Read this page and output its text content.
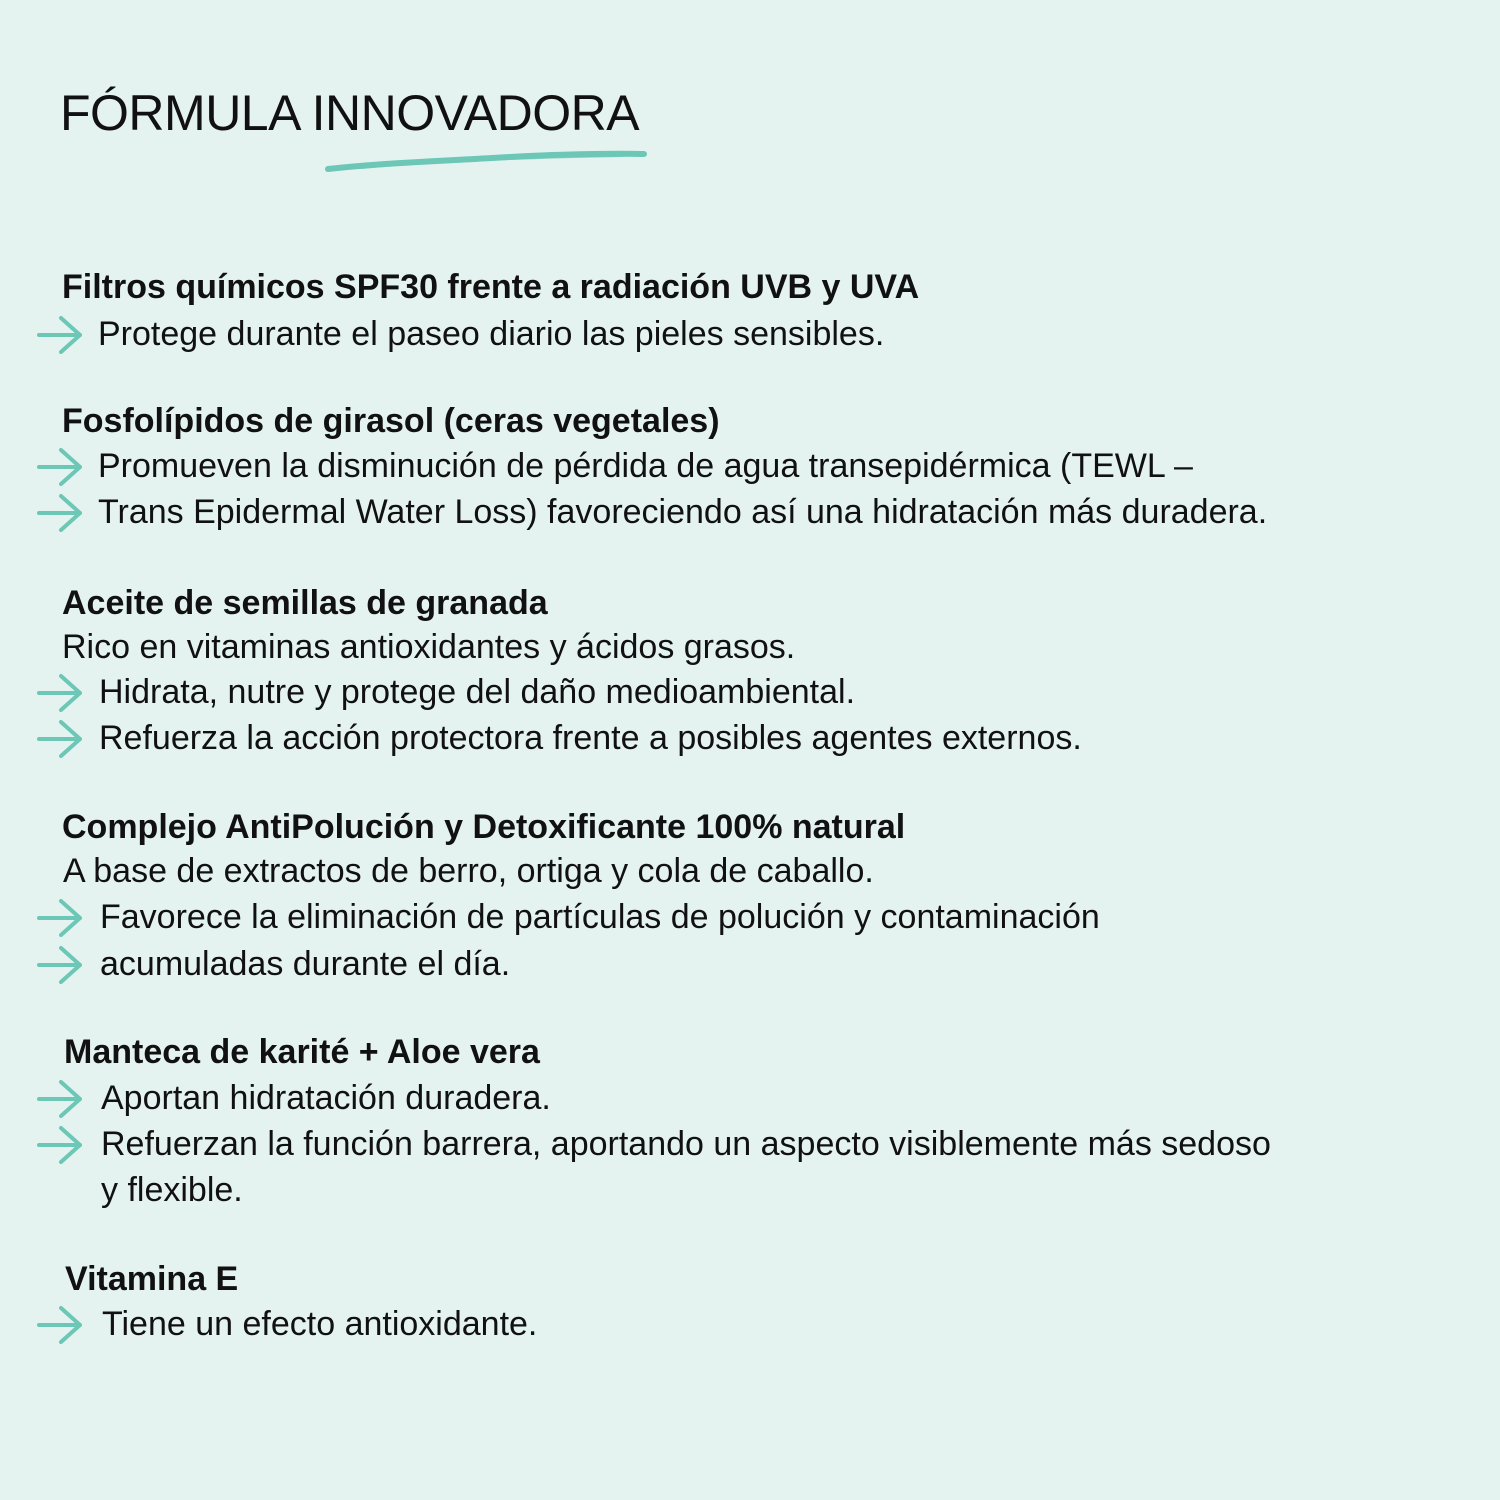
FÓRMULA INNOVADORA
Filtros químicos SPF30 frente a radiación UVB y UVA
Protege durante el paseo diario las pieles sensibles.
Fosfolípidos de girasol (ceras vegetales)
Promueven la disminución de pérdida de agua transepidérmica (TEWL –
Trans Epidermal Water Loss) favoreciendo así una hidratación más duradera.
Aceite de semillas de granada

Rico en vitaminas antioxidantes y ácidos grasos.

Hidrata, nutre y protege del daño medioambiental.
Refuerza la acción protectora frente a posibles agentes externos.
Complejo AntiPolución y Detoxificante 100% natural

A base de extractos de berro, ortiga y cola de caballo.

Favorece la eliminación de partículas de polución y contaminación
acumuladas durante el día.
Manteca de karité + Aloe vera
Aportan hidratación duradera.
Refuerzan la función barrera, aportando un aspecto visiblemente más sedoso
y flexible.
Vitamina E
Tiene un efecto antioxidante.
